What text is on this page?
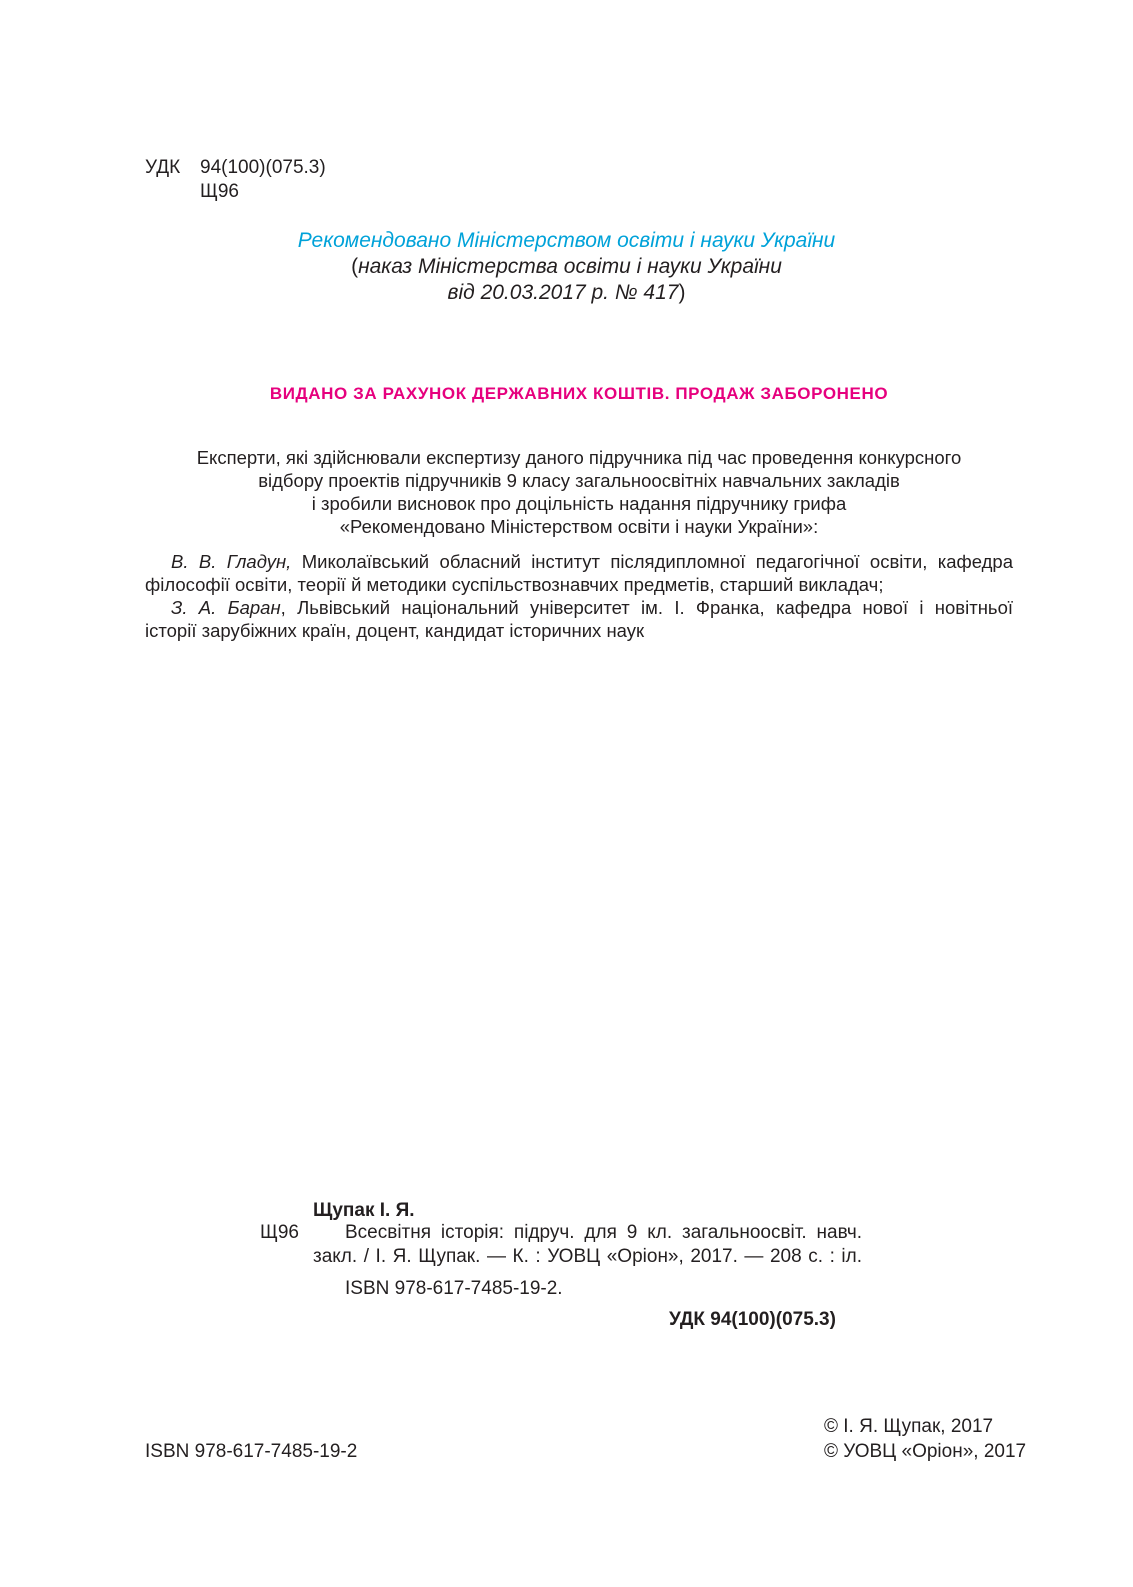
УДК 94(100)(075.3)
Щ96
Рекомендовано Міністерством освіти і науки України
(наказ Міністерства освіти і науки України
від 20.03.2017 р. № 417)
ВИДАНО ЗА РАХУНОК ДЕРЖАВНИХ КОШТІВ. ПРОДАЖ ЗАБОРОНЕНО
Експерти, які здійснювали експертизу даного підручника під час проведення конкурсного
відбору проектів підручників 9 класу загальноосвітніх навчальних закладів
і зробили висновок про доцільність надання підручнику грифа
«Рекомендовано Міністерством освіти і науки України»:
В. В. Гладун, Миколаївський обласний інститут післядипломної педагогічної освіти, кафедра
філософії освіти, теорії й методики суспільствознавчих предметів, старший викладач;
З. А. Баран, Львівський національний університет ім. І. Франка, кафедра нової і новітньої
історії зарубіжних країн, доцент, кандидат історичних наук
Щупак І. Я.
Щ96 Всесвітня історія: підруч. для 9 кл. загальноосвіт. навч.
закл. / І. Я. Щупак. — К. : УОВЦ «Оріон», 2017. — 208 с. : іл.
ISBN 978-617-7485-19-2.
УДК 94(100)(075.3)
ISBN 978-617-7485-19-2
© І. Я. Щупак, 2017
© УОВЦ «Оріон», 2017
